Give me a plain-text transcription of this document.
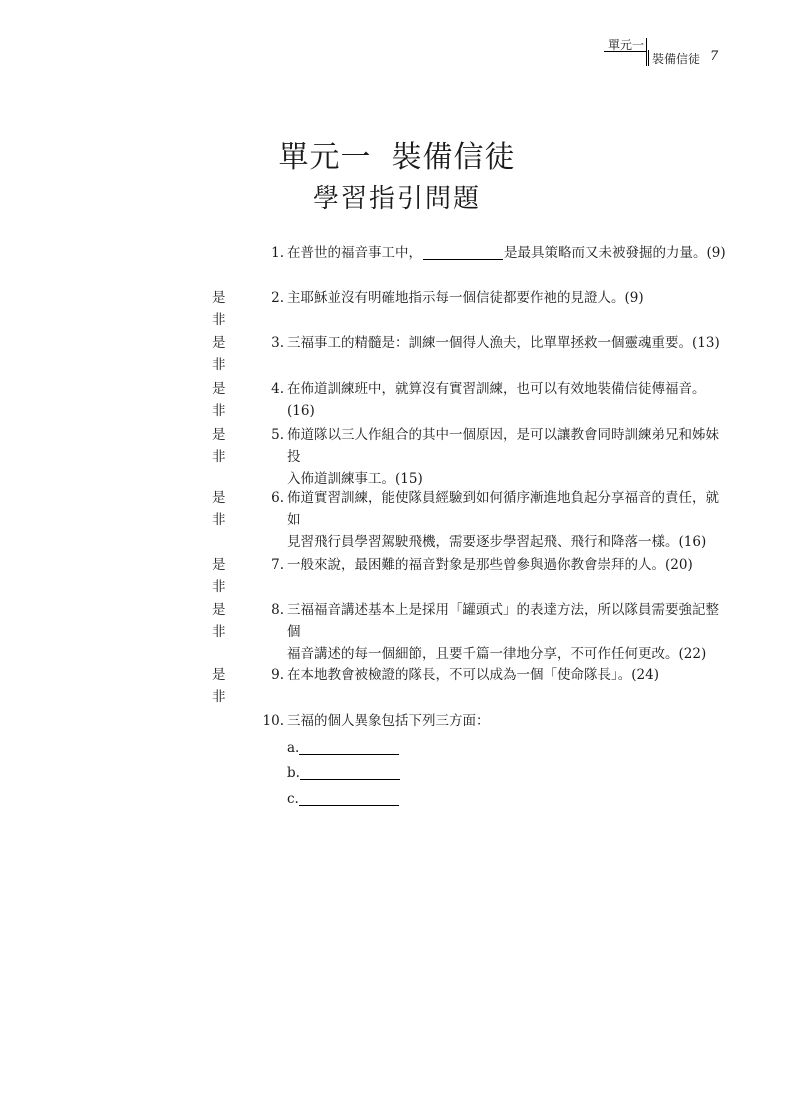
單元一
裝備信徒 7
單元一 裝備信徒
學習指引問題
1. 在普世的福音事工中，	是最具策略而又未被發掘的力量。(9)
是非
2. 主耶穌並沒有明確地指示每一個信徒都要作祂的見證人。(9)
是非
3. 三福事工的精髓是：訓練一個得人漁夫，比單單拯救一個靈魂重要。(13)
是非
4. 在佈道訓練班中，就算沒有實習訓練，也可以有效地裝備信徒傳福音。(16)
是非
5. 佈道隊以三人作組合的其中一個原因，是可以讓教會同時訓練弟兄和姊妹投
入佈道訓練事工。(15)
是非
6. 佈道實習訓練，能使隊員經驗到如何循序漸進地負起分享福音的責任，就如
見習飛行員學習駕駛飛機，需要逐步學習起飛、飛行和降落一樣。(16)
是非
7. 一般來說，最困難的福音對象是那些曾參與過你教會崇拜的人。(20)
是非
8. 三福福音講述基本上是採用「罐頭式」的表達方法，所以隊員需要強記整個
福音講述的每一個細節，且要千篇一律地分享，不可作任何更改。(22)
是非
9. 在本地教會被檢證的隊長，不可以成為一個「使命隊長」。(24)
10. 三福的個人異象包括下列三方面：
a.
b.
c.
